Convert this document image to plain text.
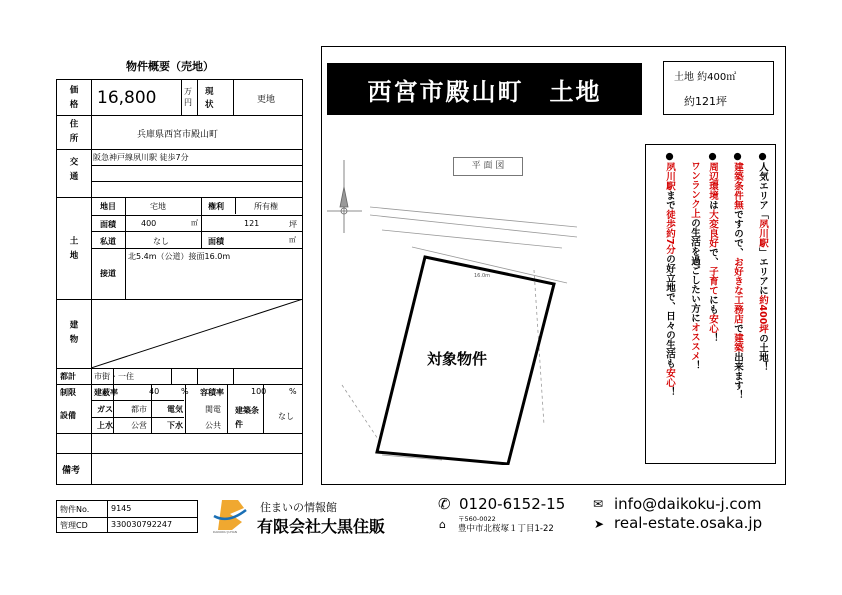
物件概要（売地）
価格 16,800	万円
現状	更地
住所	兵庫県西宮市殿山町
交通 阪急神戸線夙川駅 徒歩7分
土地
地目	宅地	権利	所有権
面積	400	㎡	121	坪
私道	なし	面積	㎡
接道
北5.4m（公道）接面16.0m
建物
都計 市街・一住
制限 建蔽率	40	% 容積率	100	%
設備
ガス 都市	電気	関電
上水 公営	下水	公共
建築条件
なし
備考
西宮市殿山町　土地	土地 約400㎡
約121坪
16.0m
平 面 図
対象物件
●人気エリア「夙川駅」エリアに約400坪の土地！
●建築条件無ですので、お好きな工務店で建築出来ます！
●周辺環境は大変良好で、子育てにも安心！
ワンランク上の生活を過ごしたい方にオススメ！
●夙川駅まで徒歩約7分の好立地で、日々の生活も安心！
物件No.	9145
管理CD	330030792247
DAIKOKU JUHAN
住まいの情報館
有限会社大黒住販
✆ 0120-6152-15
⌂ 〒560-0022
豊中市北桜塚１丁目1-22
✉ info@daikoku-j.com
➤ real-estate.osaka.jp
